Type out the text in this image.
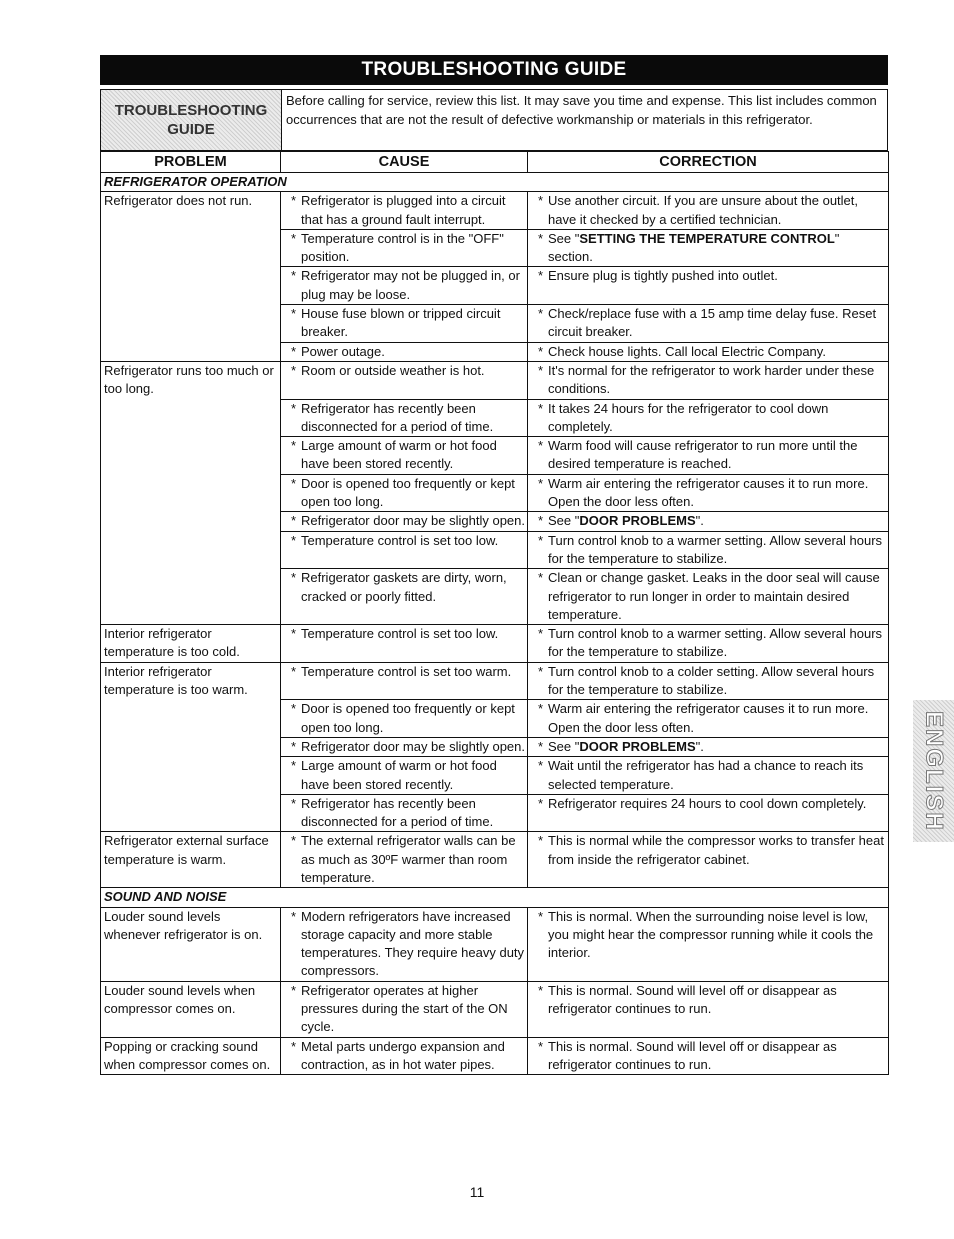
TROUBLESHOOTING GUIDE
TROUBLESHOOTING
GUIDE
Before calling for service, review this list. It may save you time and expense. This list includes common occurrences that are not the result of defective workmanship or materials in this refrigerator.
PROBLEM	CAUSE	CORRECTION
REFRIGERATOR OPERATION		
Refrigerator does not run.	* Refrigerator is plugged into a circuit that has a ground fault interrupt.	* Use another circuit. If you are unsure about the outlet, have it checked by a certified technician.

	* Temperature control is in the "OFF" position.	* See "SETTING THE TEMPERATURE CONTROL" section.

	* Refrigerator may not be plugged in, or plug may be loose.	* Ensure plug is tightly pushed into outlet.

	* House fuse blown or tripped circuit breaker.	* Check/replace fuse with a 15 amp time delay fuse. Reset circuit breaker.

	* Power outage.	* Check house lights. Call local Electric Company.

Refrigerator runs too much or too long.	* Room or outside weather is hot.	* It's normal for the refrigerator to work harder under these conditions.

	* Refrigerator has recently been disconnected for a period of time.	* It takes 24 hours for the refrigerator to cool down completely.

	* Large amount of warm or hot food have been stored recently.	* Warm food will cause refrigerator to run more until the desired temperature is reached.

	* Door is opened too frequently or kept open too long.	* Warm air entering the refrigerator causes it to run more. Open the door less often.

	* Refrigerator door may be slightly open.	* See "DOOR PROBLEMS".

	* Temperature control is set too low.	* Turn control knob to a warmer setting. Allow several hours for the temperature to stabilize.

	* Refrigerator gaskets are dirty, worn, cracked or poorly fitted.	* Clean or change gasket. Leaks in the door seal will cause refrigerator to run longer in order to maintain desired temperature.

Interior refrigerator temperature is too cold.	* Temperature control is set too low.	* Turn control knob to a warmer setting. Allow several hours for the temperature to stabilize.

Interior refrigerator temperature is too warm.	* Temperature control is set too warm.	* Turn control knob to a colder setting. Allow several hours for the temperature to stabilize.

	* Door is opened too frequently or kept open too long.	* Warm air entering the refrigerator causes it to run more. Open the door less often.

	* Refrigerator door may be slightly open.	* See "DOOR PROBLEMS".

	* Large amount of warm or hot food have been stored recently.	* Wait until the refrigerator has had a chance to reach its selected temperature.

	* Refrigerator has recently been disconnected for a period of time.	* Refrigerator requires 24 hours to cool down completely.

Refrigerator external surface temperature is warm.	* The external refrigerator walls can be as much as 30ºF warmer than room temperature.	* This is normal while the compressor works to transfer heat from inside the refrigerator cabinet.

SOUND AND NOISE		
Louder sound levels whenever refrigerator is on.	* Modern refrigerators have increased storage capacity and more stable temperatures. They require heavy duty compressors.	* This is normal. When the surrounding noise level is low, you might hear the compressor running while it cools the interior.

Louder sound levels when compressor comes on.	* Refrigerator operates at higher pressures during the start of the ON cycle.	* This is normal. Sound will level off or disappear as refrigerator continues to run.

Popping or cracking sound when compressor comes on.	* Metal parts undergo expansion and contraction, as in hot water pipes.	* This is normal. Sound will level off or disappear as refrigerator continues to run.
ENGLISH
11
